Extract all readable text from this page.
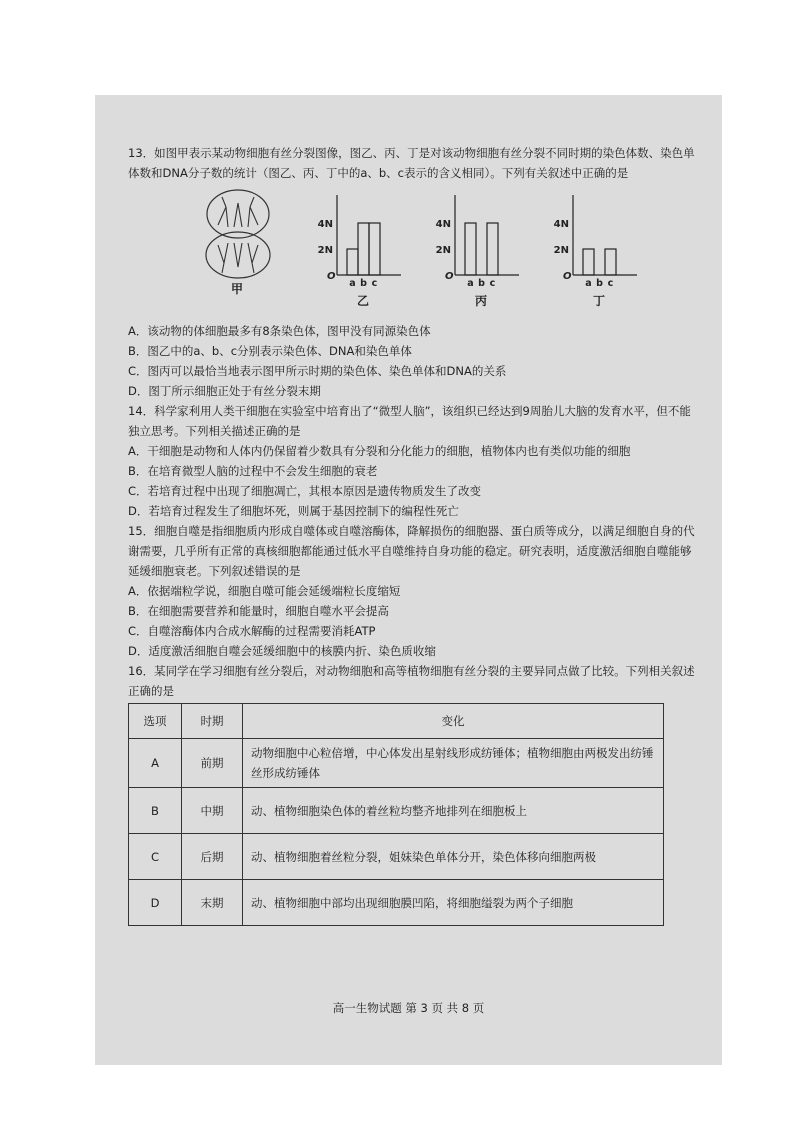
13．如图甲表示某动物细胞有丝分裂图像，图乙、丙、丁是对该动物细胞有丝分裂不同时期的染色体数、染色单体数和DNA分子数的统计（图乙、丙、丁中的a、b、c表示的含义相同）。下列有关叙述中正确的是

甲
4N
2N
O
a b c
乙
4N
2N
O
a b c
丙
4N
2N
O
a b c
丁

A．该动物的体细胞最多有8条染色体，图甲没有同源染色体

B．图乙中的a、b、c分别表示染色体、DNA和染色单体

C．图丙可以最恰当地表示图甲所示时期的染色体、染色单体和DNA的关系

D．图丁所示细胞正处于有丝分裂末期

14．科学家利用人类干细胞在实验室中培育出了“微型人脑”，该组织已经达到9周胎儿大脑的发育水平，但不能独立思考。下列相关描述正确的是

A．干细胞是动物和人体内仍保留着少数具有分裂和分化能力的细胞，植物体内也有类似功能的细胞

B．在培育微型人脑的过程中不会发生细胞的衰老

C．若培育过程中出现了细胞凋亡，其根本原因是遗传物质发生了改变

D．若培育过程发生了细胞坏死，则属于基因控制下的编程性死亡

15．细胞自噬是指细胞质内形成自噬体或自噬溶酶体，降解损伤的细胞器、蛋白质等成分，以满足细胞自身的代谢需要，几乎所有正常的真核细胞都能通过低水平自噬维持自身功能的稳定。研究表明，适度激活细胞自噬能够延缓细胞衰老。下列叙述错误的是

A．依据端粒学说，细胞自噬可能会延缓端粒长度缩短

B．在细胞需要营养和能量时，细胞自噬水平会提高

C．自噬溶酶体内合成水解酶的过程需要消耗ATP

D．适度激活细胞自噬会延缓细胞中的核膜内折、染色质收缩

16．某同学在学习细胞有丝分裂后，对动物细胞和高等植物细胞有丝分裂的主要异同点做了比较。下列相关叙述正确的是

选项	时期	变化
A	前期	动物细胞中心粒倍增，中心体发出星射线形成纺锤体；植物细胞由两极发出纺锤丝形成纺锤体
B	中期	动、植物细胞染色体的着丝粒均整齐地排列在细胞板上
C	后期	动、植物细胞着丝粒分裂，姐妹染色单体分开，染色体移向细胞两极
D	末期	动、植物细胞中部均出现细胞膜凹陷，将细胞缢裂为两个子细胞
高一生物试题 第 3 页 共 8 页
